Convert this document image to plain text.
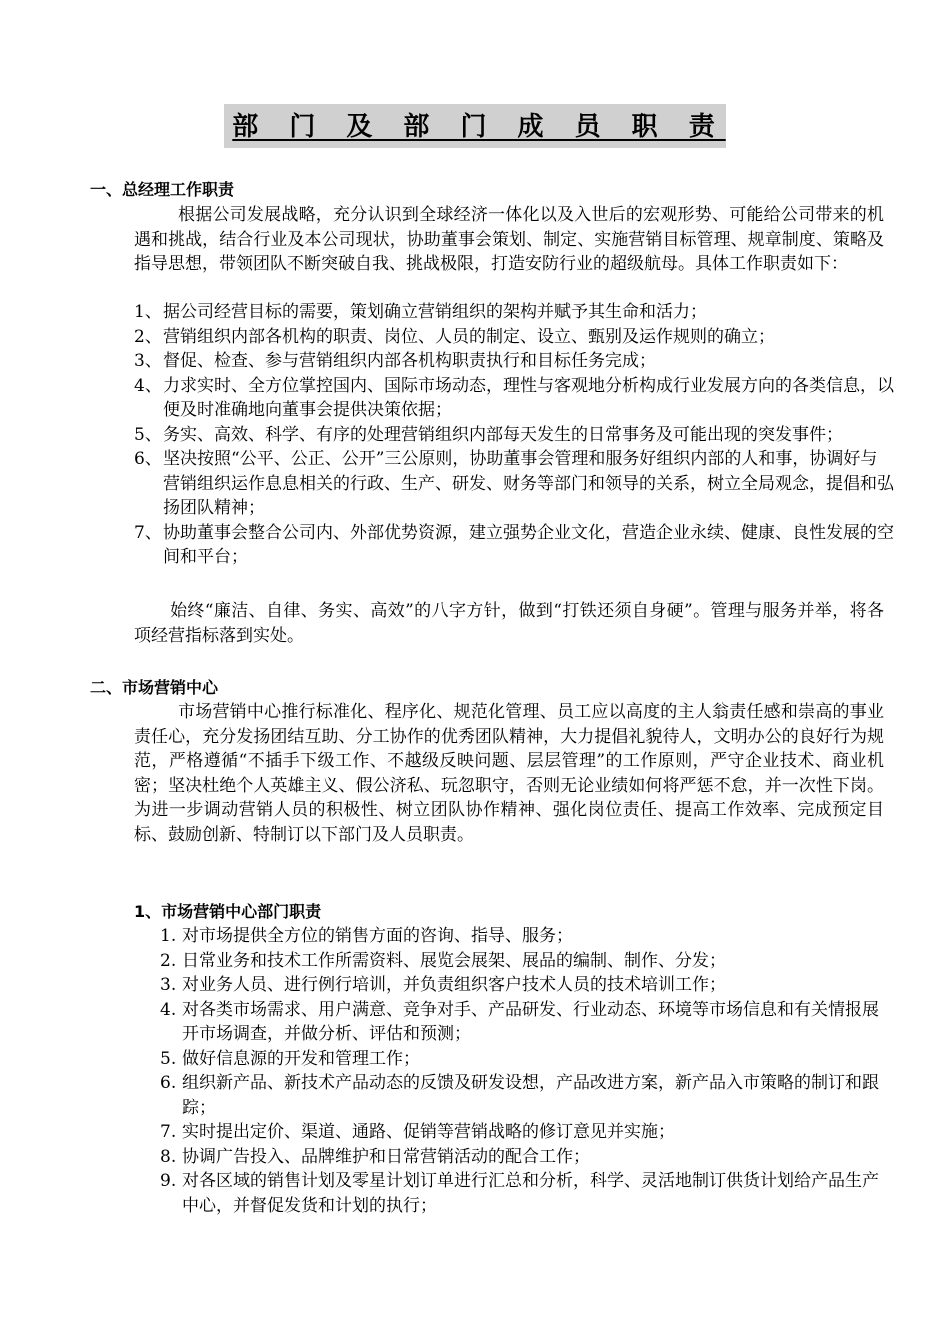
部 门 及 部 门 成 员 职 责
一、总经理工作职责
根据公司发展战略，充分认识到全球经济一体化以及入世后的宏观形势、可能给公司带来的机遇和挑战，结合行业及本公司现状，协助董事会策划、制定、实施营销目标管理、规章制度、策略及指导思想，带领团队不断突破自我、挑战极限，打造安防行业的超级航母。具体工作职责如下：
1、 据公司经营目标的需要，策划确立营销组织的架构并赋予其生命和活力；
2、 营销组织内部各机构的职责、岗位、人员的制定、设立、甄别及运作规则的确立；
3、 督促、检查、参与营销组织内部各机构职责执行和目标任务完成；
4、 力求实时、全方位掌控国内、国际市场动态，理性与客观地分析构成行业发展方向的各类信息，以便及时准确地向董事会提供决策依据；
5、 务实、高效、科学、有序的处理营销组织内部每天发生的日常事务及可能出现的突发事件；
6、 坚决按照“公平、公正、公开”三公原则，协助董事会管理和服务好组织内部的人和事，协调好与营销组织运作息息相关的行政、生产、研发、财务等部门和领导的关系，树立全局观念，提倡和弘扬团队精神；
7、 协助董事会整合公司内、外部优势资源，建立强势企业文化，营造企业永续、健康、良性发展的空间和平台；
始终“廉洁、自律、务实、高效”的八字方针，做到“打铁还须自身硬”。管理与服务并举，将各项经营指标落到实处。
二、市场营销中心
市场营销中心推行标准化、程序化、规范化管理、员工应以高度的主人翁责任感和崇高的事业责任心，充分发扬团结互助、分工协作的优秀团队精神，大力提倡礼貌待人，文明办公的良好行为规范，严格遵循“不插手下级工作、不越级反映问题、层层管理”的工作原则，严守企业技术、商业机密；坚决杜绝个人英雄主义、假公济私、玩忽职守，否则无论业绩如何将严惩不怠，并一次性下岗。为进一步调动营销人员的积极性、树立团队协作精神、强化岗位责任、提高工作效率、完成预定目标、鼓励创新、特制订以下部门及人员职责。
1、市场营销中心部门职责
1. 对市场提供全方位的销售方面的咨询、指导、服务；
2. 日常业务和技术工作所需资料、展览会展架、展品的编制、制作、分发；
3. 对业务人员、进行例行培训，并负责组织客户技术人员的技术培训工作；
4. 对各类市场需求、用户满意、竞争对手、产品研发、行业动态、环境等市场信息和有关情报展开市场调查，并做分析、评估和预测；
5. 做好信息源的开发和管理工作；
6. 组织新产品、新技术产品动态的反馈及研发设想，产品改进方案，新产品入市策略的制订和跟踪；
7. 实时提出定价、渠道、通路、促销等营销战略的修订意见并实施；
8. 协调广告投入、品牌维护和日常营销活动的配合工作；
9. 对各区域的销售计划及零星计划订单进行汇总和分析，科学、灵活地制订供货计划给产品生产中心，并督促发货和计划的执行；
